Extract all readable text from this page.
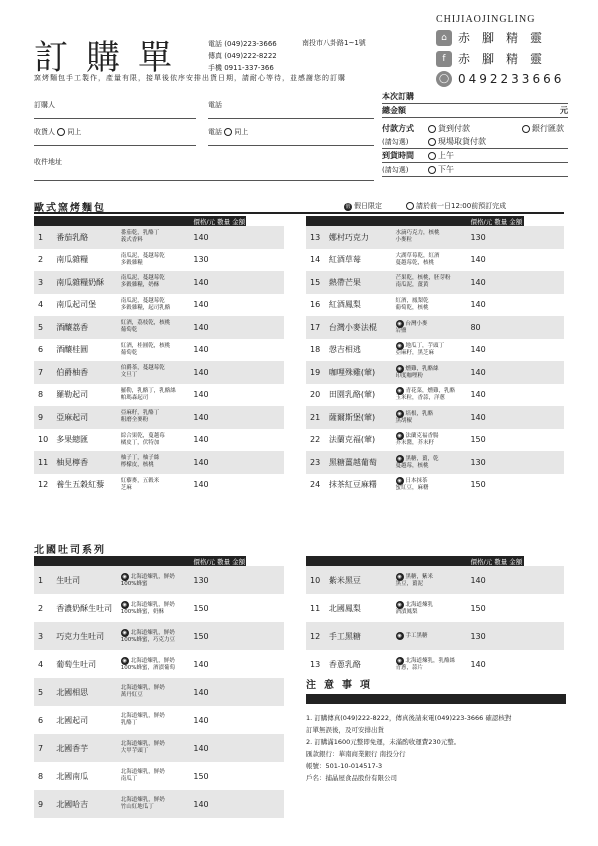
訂購單	電話 (049)223-3666
傳真 (049)222-8222
手機 0911-337-366
南投市八卦路1~1號
CHIJIAOJINGLING
⌂ 赤腳精靈
f	赤腳精靈
◯ 0492233666
窯烤麵包手工製作，產量有限，接單後依序安排出貨日期，請耐心等待，並感謝您的訂購
訂購人	電話
收貨人 同上	電話 同上
收件地址
本次訂購
總金額	元
付款方式	貨到付款	銀行匯款
(請勾選)	現場取貨付款
到貨時間	上午
(請勾選)	下午
歐式窯烤麵包	假 假日限定	請於前一日12:00前預訂完成
			價格/元 數量 金額	
1	番茄乳酪	番茄乾，乳酪丁
義式香料	140	
2	南瓜雜糧	南瓜泥，蔓越莓乾
多穀雜糧	130	
3	南瓜雜糧奶酥	南瓜泥，蔓越莓乾
多穀雜糧，奶酥	140	
4	南瓜起司堡	南瓜泥，蔓越莓乾
多穀雜糧，起司乳酪	140	
5	酒釀荔香	紅酒，荔枝乾，核桃
葡萄乾	140	
6	酒釀桂圓	紅酒，桂圓乾，核桃
葡萄乾	140	
7	伯爵柚香	伯爵茶，蔓越莓乾
文旦丁	140	
8	羅勒起司	羅勒，乳酪丁，乳酪絲
帕瑪森起司	140	
9	亞麻起司	亞麻籽，乳酪丁
粗磨全麥粉	140	
10	多果總匯	綜合果乾，蔓越莓
橘皮丁，伏特加	140	
11	柚見檸香	柚子丁，柚子絲
檸檬皮，核桃	140	
12	養生五穀紅藜	紅藜麥，五穀米
芝麻	140	
			價格/元 數量 金額	
13	娜村巧克力	水滴巧克力，核桃
小麥粒	130	
14	紅酒草莓	大湖草莓乾，紅酒
蔓越莓乾，核桃	140	
15	熱帶芒果	芒果乾，核桃，胚芽粉
南瓜泥，薑黃	140	
16	紅酒鳳梨	紅酒，鳳梨乾
葡萄乾，核桃	140	
17	台灣小麥法棍	◉ 台灣小麥
岩鹽	80	
18	愨吉相逃	◉ 地瓜丁，芋頭丁
亞麻籽，黑芝麻	140	
19	咖哩殊雞(葷)	◉ 燻雞，乳酪絲
印度咖哩粉	140	
20	田園乳酪(葷)	◉ 青花菜，燻雞，乳酪
玉米粒，香蒜，洋蔥	140	
21	薩爾斯堡(葷)	◉ 培根，乳酪
黑胡椒	140	
22	法蘭克福(葷)	◉ 法蘭克福香腸
芥末醬，芥末籽	150	
23	黑糖薑越葡萄	◉ 黑糖，薑，乾
蔓越莓，核桃	130	
24	抹茶紅豆麻糬	◉ 日本抹茶
蜜紅豆，麻糬	150	
北國吐司系列
			價格/元 數量 金額	
1	生吐司	◉ 北海道煉乳，鮮奶
100%蜂蜜	130	
2	香濃奶酥生吐司	◉ 北海道煉乳，鮮奶
100%蜂蜜，奶酥	150	
3	巧克力生吐司	◉ 北海道煉乳，鮮奶
100%蜂蜜，巧克力豆	150	
4	葡萄生吐司	◉ 北海道煉乳，鮮奶
100%蜂蜜，酒漬葡萄	140	
5	北國相思	北海道煉乳，鮮奶
萬丹紅豆	140	
6	北國起司	北海道煉乳，鮮奶
乳酪丁	140	
7	北國香芋	北海道煉乳，鮮奶
大甲芋頭丁	140	
8	北國南瓜	北海道煉乳，鮮奶
南瓜丁	150	
9	北國哈吉	北海道煉乳，鮮奶
竹山紅地瓜丁	140	
			價格/元 數量 金額	
10	紫米黑豆	◉ 黑糖，紫米
黑豆，薑泥	140	
11	北國鳳梨	◉ 北海道煉乳
酒漬鳳梨	150	
12	手工黑糖	◉ 手工黑糖	130	
13	香蔥乳酪	◉ 北海道煉乳，乳酪絲
青蔥，蒜片	140	
注意事項
1. 訂購傳真(049)222-8222，傳真後請來電(049)223-3666 確認核對
訂單無誤後，及可安排出貨
2. 訂購滿1600元整即免運，未滿酌收運費230元整。
匯款銀行：華南商業銀行 南投分行
帳號：501-10-014517-3
戶名：捕晶屋食品股份有限公司
